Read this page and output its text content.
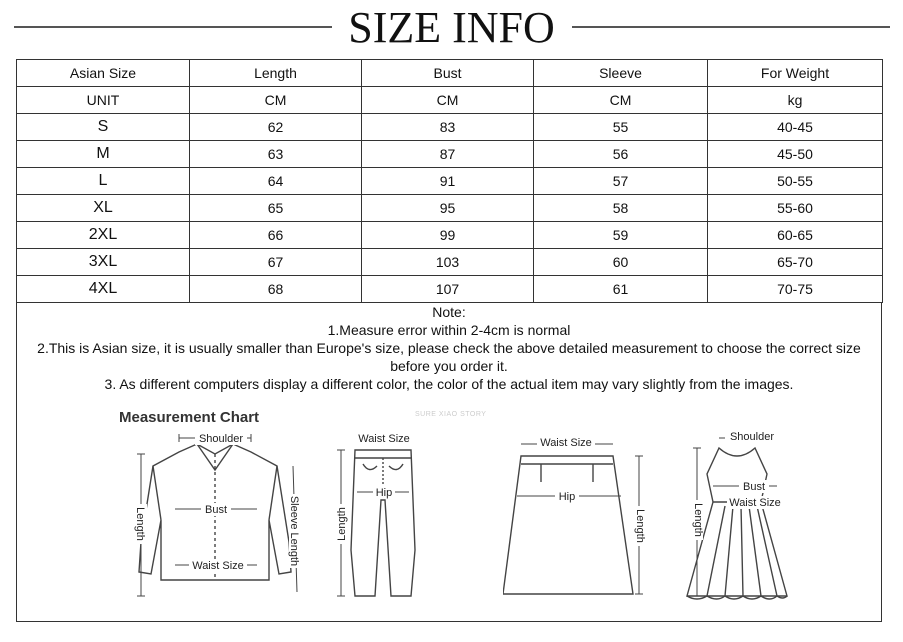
SIZE INFO
Asian Size	Length	Bust	Sleeve	For Weight
UNIT	CM	CM	CM	kg
S	62	83	55	40-45
M	63	87	56	45-50
L	64	91	57	50-55
XL	65	95	58	55-60
2XL	66	99	59	60-65
3XL	67	103	60	65-70
4XL	68	107	61	70-75
Note:
1.Measure error within 2-4cm is normal
2.This is Asian size, it is usually smaller than Europe's size, please check the above detailed measurement to choose the correct size
before you order it.
3. As different computers display a different color, the color of the actual item may vary slightly from the images.
Measurement Chart	SURE XIAO STORY
Shoulder
Bust
Waist Size
Length	Sleeve Length
Waist Size
Hip
Length
Waist Size
Hip
Length
Shoulder
Bust
Waist Size
Length
